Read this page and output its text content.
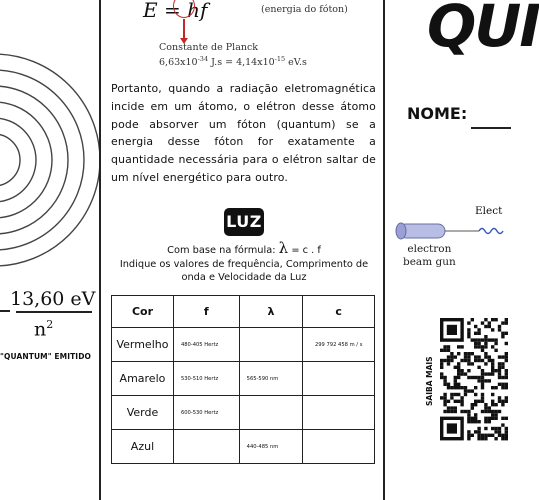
13,60 eV
$n^2$
"QUANTUM" EMITIDO
E = hf	(energia do fóton)
Constante de Planck
$6,63x10^{-34}$ $J.s = 4,14x10^{-15}$ eV.s

Portanto, quando a radiação eletromagnética incide em um átomo, o elétron desse átomo pode absorver um fóton (quantum) se a energia desse fóton for exatamente a quantidade necessária para o elétron saltar de um nível energético para outro.

LUZ
Com base na fórmula: λ = c . f
Indique os valores de frequência, Comprimento de onda e Velocidade da Luz
Cor	f	λ	c
Vermelho	480-405 Hertz		299 792 458 m / s
Amarelo	530-510 Hertz	565-590 nm	
Verde	600-530 Hertz		
Azul		440-485 nm	
QUI
NOME:
Elect
electron
beam gun
SAIBA MAIS
